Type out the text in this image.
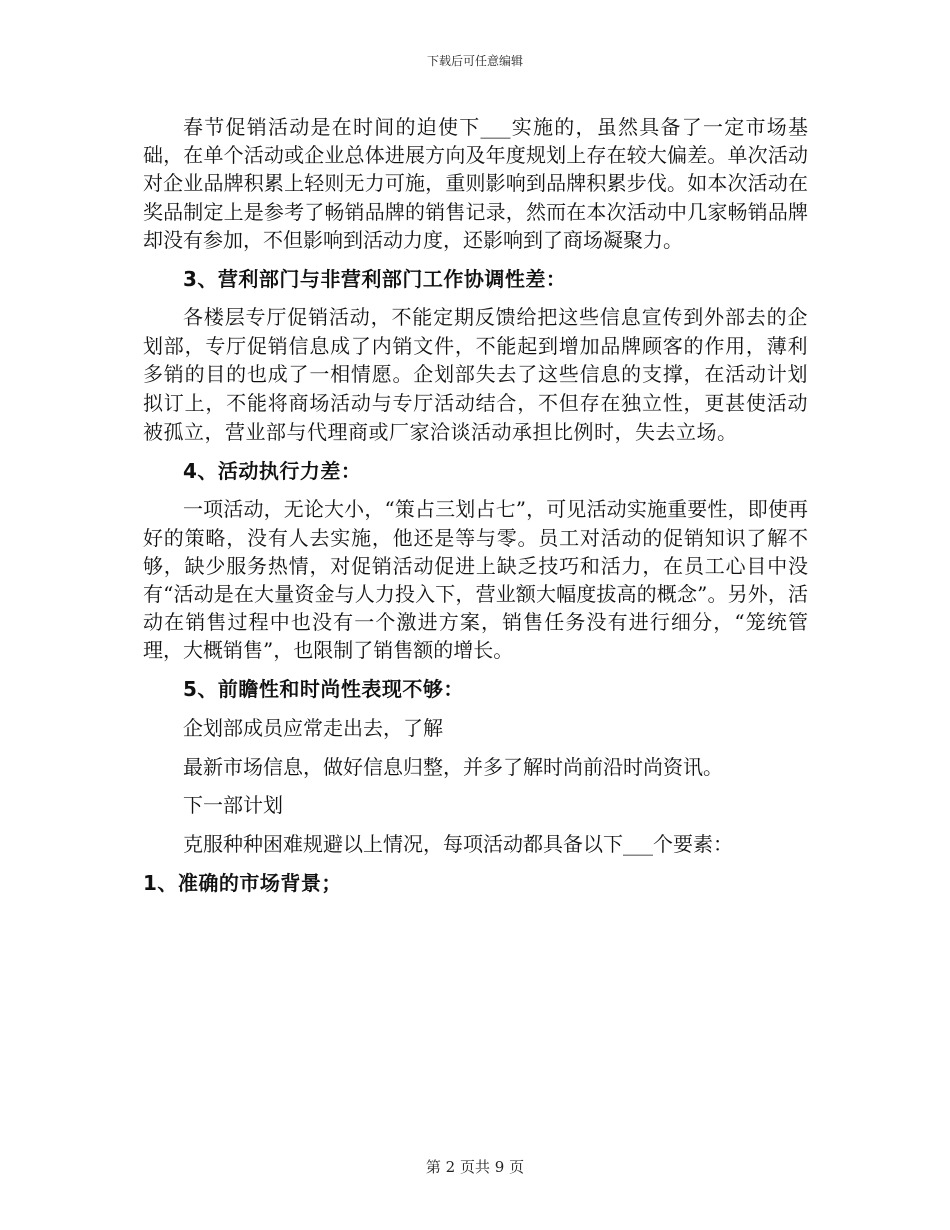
下载后可任意编辑

春节促销活动是在时间的迫使下___实施的，虽然具备了一定市场基础，在单个活动或企业总体进展方向及年度规划上存在较大偏差。单次活动对企业品牌积累上轻则无力可施，重则影响到品牌积累步伐。如本次活动在奖品制定上是参考了畅销品牌的销售记录，然而在本次活动中几家畅销品牌却没有参加，不但影响到活动力度，还影响到了商场凝聚力。

3、营利部门与非营利部门工作协调性差：

各楼层专厅促销活动，不能定期反馈给把这些信息宣传到外部去的企划部，专厅促销信息成了内销文件，不能起到增加品牌顾客的作用，薄利多销的目的也成了一相情愿。企划部失去了这些信息的支撑，在活动计划拟订上，不能将商场活动与专厅活动结合，不但存在独立性，更甚使活动被孤立，营业部与代理商或厂家洽谈活动承担比例时，失去立场。

4、活动执行力差：

一项活动，无论大小，“策占三划占七”，可见活动实施重要性，即使再好的策略，没有人去实施，他还是等与零。员工对活动的促销知识了解不够，缺少服务热情，对促销活动促进上缺乏技巧和活力，在员工心目中没有“活动是在大量资金与人力投入下，营业额大幅度拔高的概念”。另外，活动在销售过程中也没有一个激进方案，销售任务没有进行细分，“笼统管理，大概销售”，也限制了销售额的增长。

5、前瞻性和时尚性表现不够：

企划部成员应常走出去，了解

最新市场信息，做好信息归整，并多了解时尚前沿时尚资讯。

下一部计划

克服种种困难规避以上情况，每项活动都具备以下___个要素：

1、准确的市场背景；

第 2 页共 9 页
